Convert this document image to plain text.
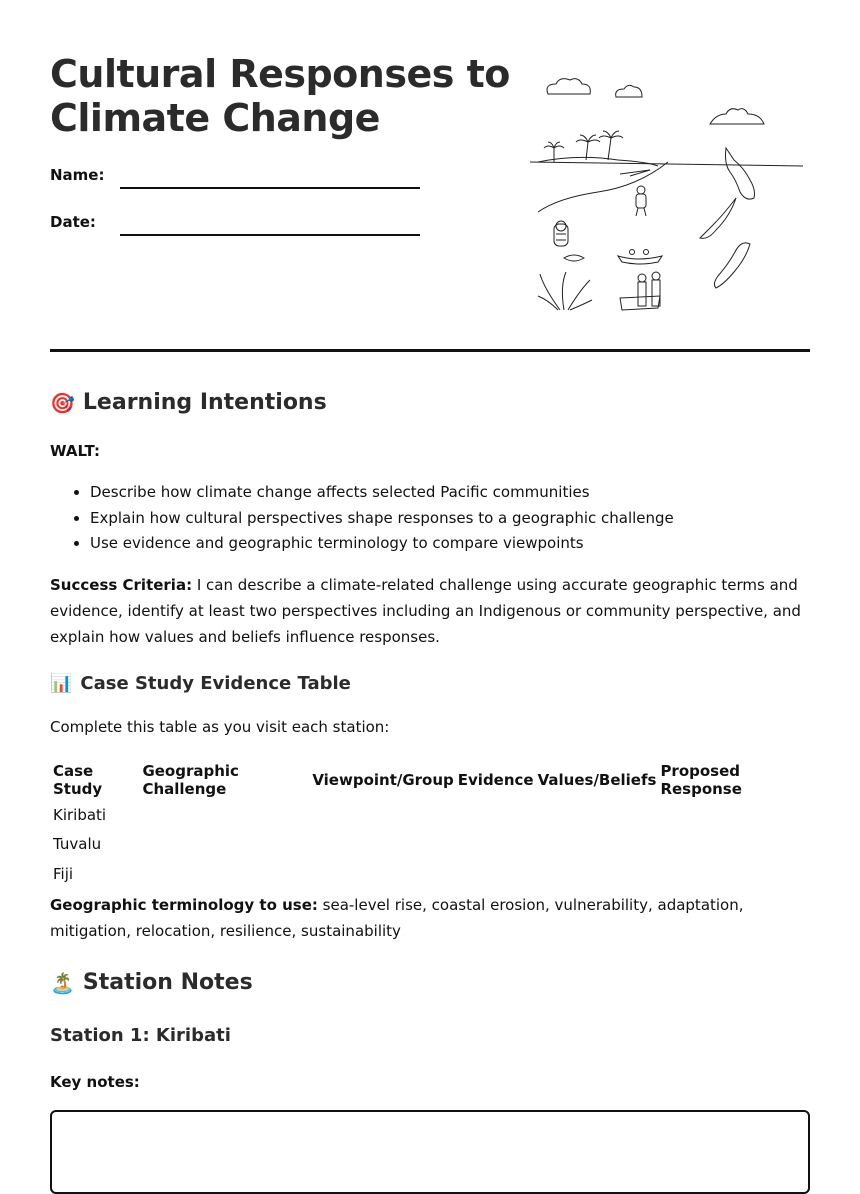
Cultural Responses to Climate Change
Name:
Date:
🎯 Learning Intentions
WALT:
• Describe how climate change affects selected Pacific communities
• Explain how cultural perspectives shape responses to a geographic challenge
• Use evidence and geographic terminology to compare viewpoints

Success Criteria: I can describe a climate-related challenge using accurate geographic terms and evidence, identify at least two perspectives including an Indigenous or community perspective, and explain how values and beliefs influence responses.

📊 Case Study Evidence Table

Complete this table as you visit each station:

Case Study	Geographic Challenge	Viewpoint/Group	Evidence	Values/Beliefs	Proposed Response
Kiribati					
Tuvalu					
Fiji					

Geographic terminology to use: sea-level rise, coastal erosion, vulnerability, adaptation, mitigation, relocation, resilience, sustainability

🏝️ Station Notes
Station 1: Kiribati
Key notes:
